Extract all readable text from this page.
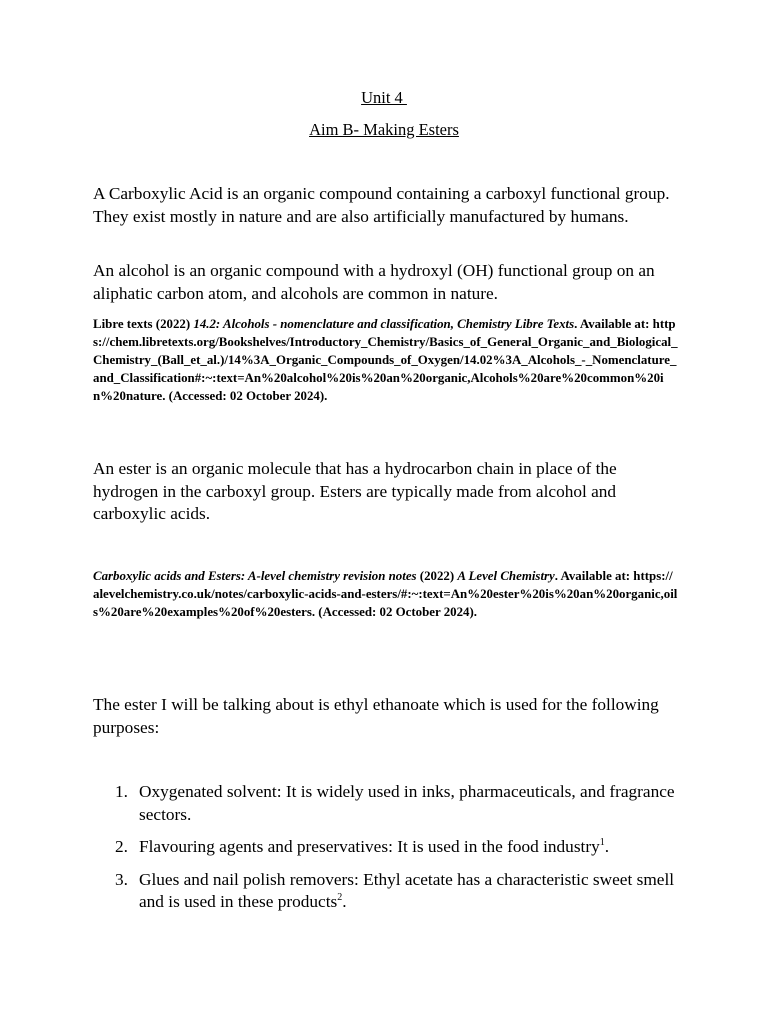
Unit 4
Aim B- Making Esters

A Carboxylic Acid is an organic compound containing a carboxyl functional group. They exist mostly in nature and are also artificially manufactured by humans.

An alcohol is an organic compound with a hydroxyl (OH) functional group on an aliphatic carbon atom, and alcohols are common in nature.

Libre texts (2022) 14.2: Alcohols - nomenclature and classification, Chemistry Libre Texts. Available at: https://chem.libretexts.org/Bookshelves/Introductory_Chemistry/Basics_of_General_Organic_and_Biological_Chemistry_(Ball_et_al.)/14%3A_Organic_Compounds_of_Oxygen/14.02%3A_Alcohols_-_Nomenclature_and_Classification#:~:text=An%20alcohol%20is%20an%20organic,Alcohols%20are%20common%20in%20nature. (Accessed: 02 October 2024).

An ester is an organic molecule that has a hydrocarbon chain in place of the hydrogen in the carboxyl group. Esters are typically made from alcohol and carboxylic acids.

Carboxylic acids and Esters: A-level chemistry revision notes (2022) A Level Chemistry. Available at: https://alevelchemistry.co.uk/notes/carboxylic-acids-and-esters/#:~:text=An%20ester%20is%20an%20organic,oils%20are%20examples%20of%20esters. (Accessed: 02 October 2024).

The ester I will be talking about is ethyl ethanoate which is used for the following purposes:

1. Oxygenated solvent: It is widely used in inks, pharmaceuticals, and fragrance sectors.
2. Flavouring agents and preservatives: It is used in the food industry$^1$.
3. Glues and nail polish removers: Ethyl acetate has a characteristic sweet smell and is used in these products$^2$.
